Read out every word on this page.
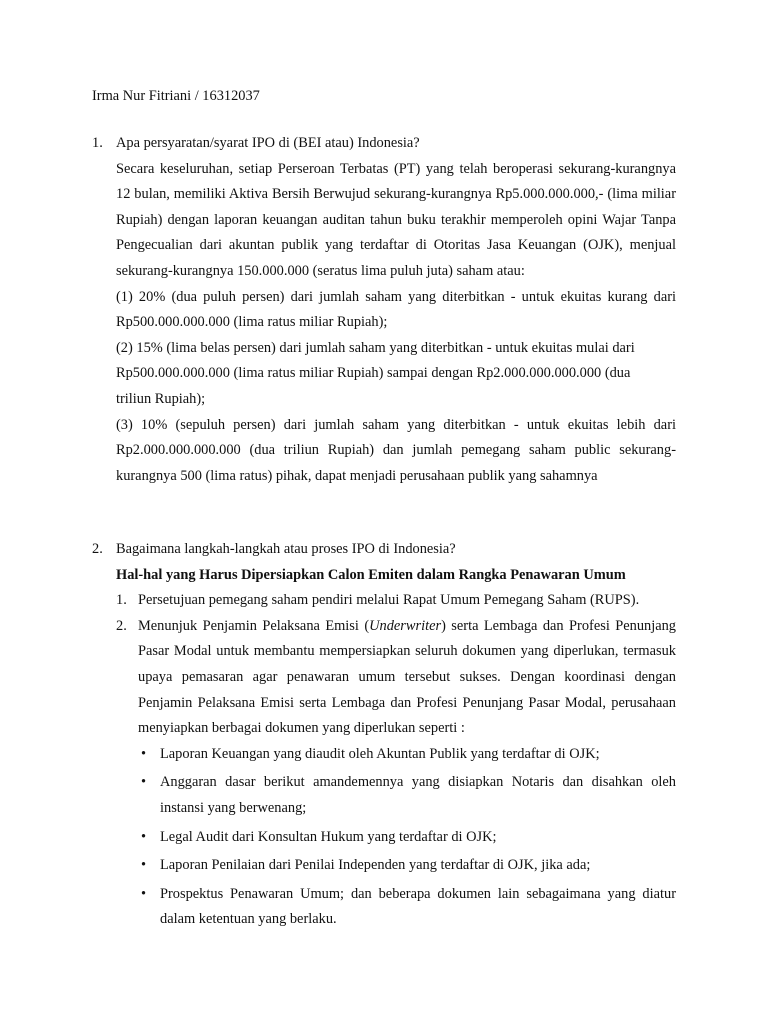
Irma Nur Fitriani / 16312037
1. Apa persyaratan/syarat IPO di (BEI atau) Indonesia?
Secara keseluruhan, setiap Perseroan Terbatas (PT) yang telah beroperasi sekurang-kurangnya 12 bulan, memiliki Aktiva Bersih Berwujud sekurang-kurangnya Rp5.000.000.000,- (lima miliar Rupiah) dengan laporan keuangan auditan tahun buku terakhir memperoleh opini Wajar Tanpa Pengecualian dari akuntan publik yang terdaftar di Otoritas Jasa Keuangan (OJK), menjual sekurang-kurangnya 150.000.000 (seratus lima puluh juta) saham atau:
(1) 20% (dua puluh persen) dari jumlah saham yang diterbitkan - untuk ekuitas kurang dari Rp500.000.000.000 (lima ratus miliar Rupiah);
(2) 15% (lima belas persen) dari jumlah saham yang diterbitkan - untuk ekuitas mulai dari
Rp500.000.000.000 (lima ratus miliar Rupiah) sampai dengan Rp2.000.000.000.000 (dua
triliun Rupiah);
(3) 10% (sepuluh persen) dari jumlah saham yang diterbitkan - untuk ekuitas lebih dari Rp2.000.000.000.000 (dua triliun Rupiah) dan jumlah pemegang saham public sekurang-kurangnya 500 (lima ratus) pihak, dapat menjadi perusahaan publik yang sahamnya
2. Bagaimana langkah-langkah atau proses IPO di Indonesia?
Hal-hal yang Harus Dipersiapkan Calon Emiten dalam Rangka Penawaran Umum
1. Persetujuan pemegang saham pendiri melalui Rapat Umum Pemegang Saham (RUPS).
2. Menunjuk Penjamin Pelaksana Emisi (Underwriter) serta Lembaga dan Profesi Penunjang Pasar Modal untuk membantu mempersiapkan seluruh dokumen yang diperlukan, termasuk upaya pemasaran agar penawaran umum tersebut sukses. Dengan koordinasi dengan Penjamin Pelaksana Emisi serta Lembaga dan Profesi Penunjang Pasar Modal, perusahaan menyiapkan berbagai dokumen yang diperlukan seperti :
• Laporan Keuangan yang diaudit oleh Akuntan Publik yang terdaftar di OJK;
• Anggaran dasar berikut amandemennya yang disiapkan Notaris dan disahkan oleh instansi yang berwenang;
• Legal Audit dari Konsultan Hukum yang terdaftar di OJK;
• Laporan Penilaian dari Penilai Independen yang terdaftar di OJK, jika ada;
• Prospektus Penawaran Umum; dan beberapa dokumen lain sebagaimana yang diatur dalam ketentuan yang berlaku.
